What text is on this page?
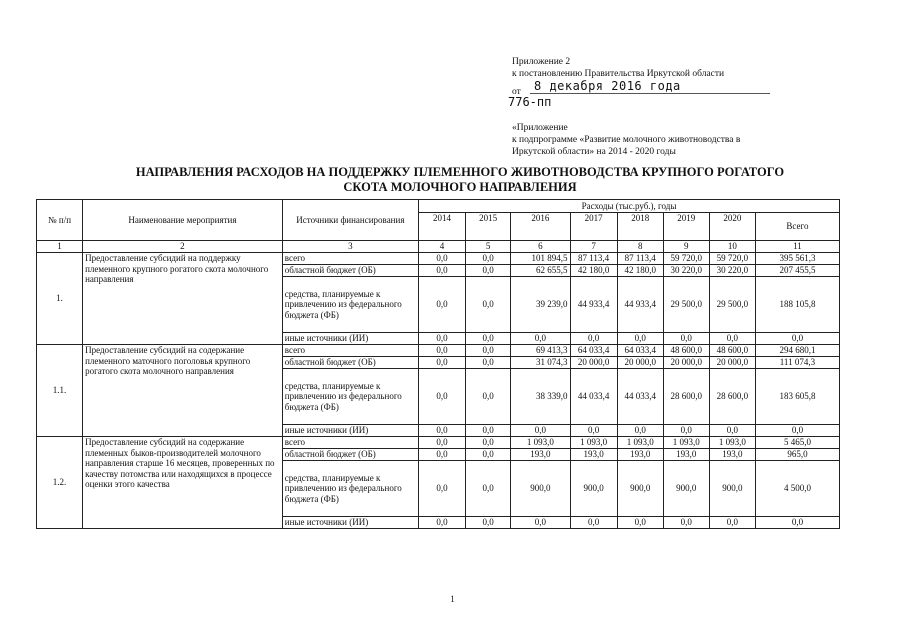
Приложение 2
к постановлению Правительства Иркутской области
от	8 декабря 2016 года
776-пп
«Приложение
к подпрограмме «Развитие молочного животноводства в
Иркутской области» на 2014 - 2020 годы
НАПРАВЛЕНИЯ РАСХОДОВ НА ПОДДЕРЖКУ ПЛЕМЕННОГО ЖИВОТНОВОДСТВА КРУПНОГО РОГАТОГО
СКОТА МОЛОЧНОГО НАПРАВЛЕНИЯ
№ п/п	Наименование мероприятия	Источники финансирования	Расходы (тыс.руб.), годы							
			2014	2015	2016	2017	2018	2019	2020	Всего
1	2	3	4	5	6	7	8	9	10	11
1.	Предоставление субсидий на поддержку племенного крупного рогатого скота молочного направления	всего	0,0	0,0	101 894,5	87 113,4	87 113,4	59 720,0	59 720,0	395 561,3
		областной бюджет (ОБ)	0,0	0,0	62 655,5	42 180,0	42 180,0	30 220,0	30 220,0	207 455,5
		средства, планируемые к привлечению из федерального бюджета (ФБ)	0,0	0,0	39 239,0	44 933,4	44 933,4	29 500,0	29 500,0	188 105,8
		иные источники (ИИ)	0,0	0,0	0,0	0,0	0,0	0,0	0,0	0,0
1.1.	Предоставление субсидий на содержание племенного маточного поголовья крупного рогатого скота молочного направления	всего	0,0	0,0	69 413,3	64 033,4	64 033,4	48 600,0	48 600,0	294 680,1
		областной бюджет (ОБ)	0,0	0,0	31 074,3	20 000,0	20 000,0	20 000,0	20 000,0	111 074,3
		средства, планируемые к привлечению из федерального бюджета (ФБ)	0,0	0,0	38 339,0	44 033,4	44 033,4	28 600,0	28 600,0	183 605,8
		иные источники (ИИ)	0,0	0,0	0,0	0,0	0,0	0,0	0,0	0,0
1.2.	Предоставление субсидий на содержание племенных быков-производителей молочного направления старше 16 месяцев, проверенных по качеству потомства или находящихся в процессе оценки этого качества	всего	0,0	0,0	1 093,0	1 093,0	1 093,0	1 093,0	1 093,0	5 465,0
		областной бюджет (ОБ)	0,0	0,0	193,0	193,0	193,0	193,0	193,0	965,0
		средства, планируемые к привлечению из федерального бюджета (ФБ)	0,0	0,0	900,0	900,0	900,0	900,0	900,0	4 500,0
		иные источники (ИИ)	0,0	0,0	0,0	0,0	0,0	0,0	0,0	0,0
1
